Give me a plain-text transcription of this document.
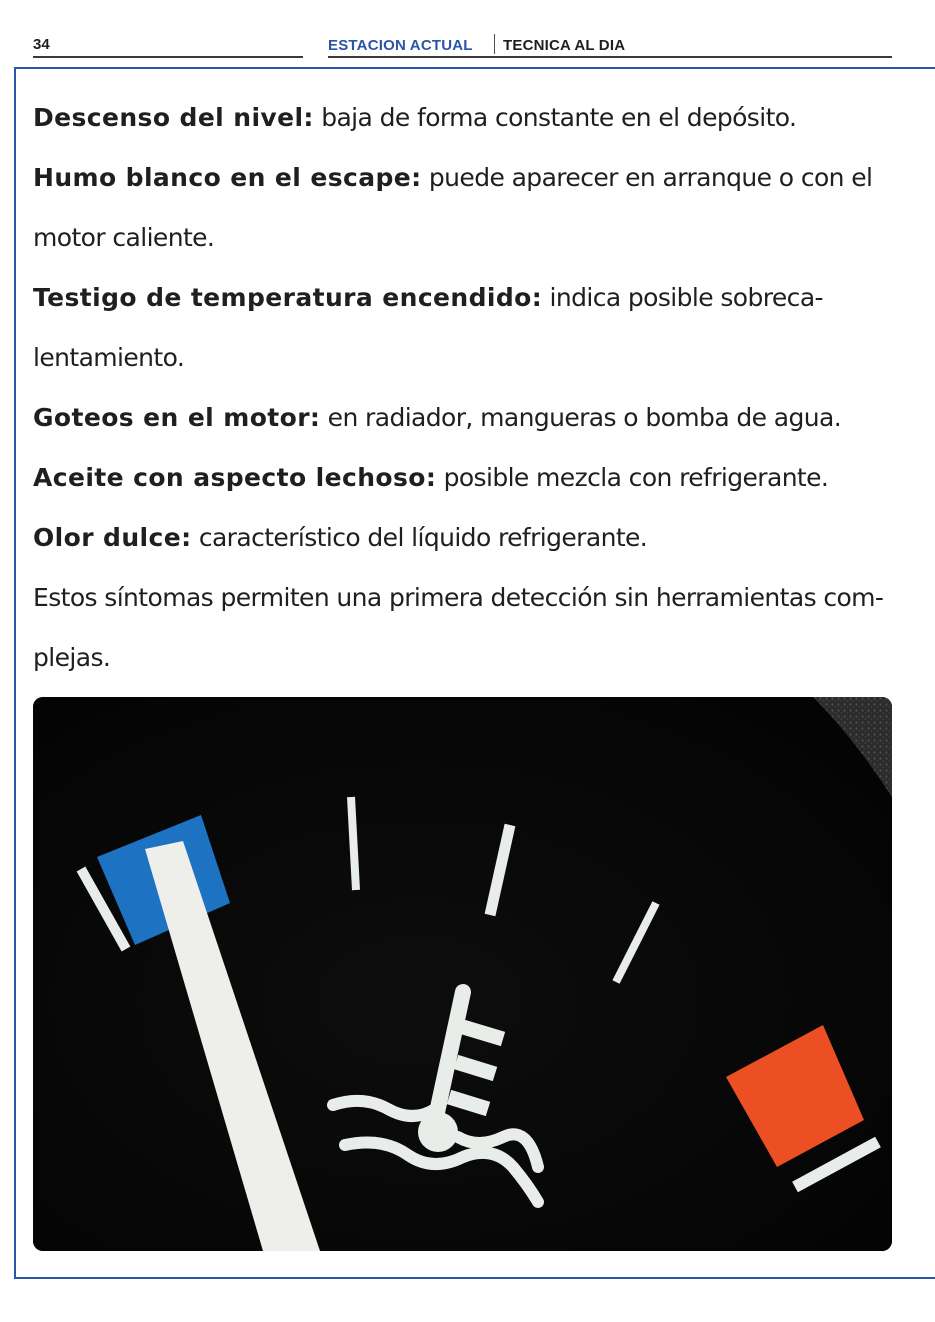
34	ESTACION ACTUAL TECNICA AL DIA

Descenso del nivel: baja de forma constante en el depósito.

Humo blanco en el escape: puede aparecer en arranque o con el motor caliente.

Testigo de temperatura encendido: indica posible sobreca-lentamiento.

Goteos en el motor: en radiador, mangueras o bomba de agua.

Aceite con aspecto lechoso: posible mezcla con refrigerante.

Olor dulce: característico del líquido refrigerante.

Estos síntomas permiten una primera detección sin herramientas com-plejas.
